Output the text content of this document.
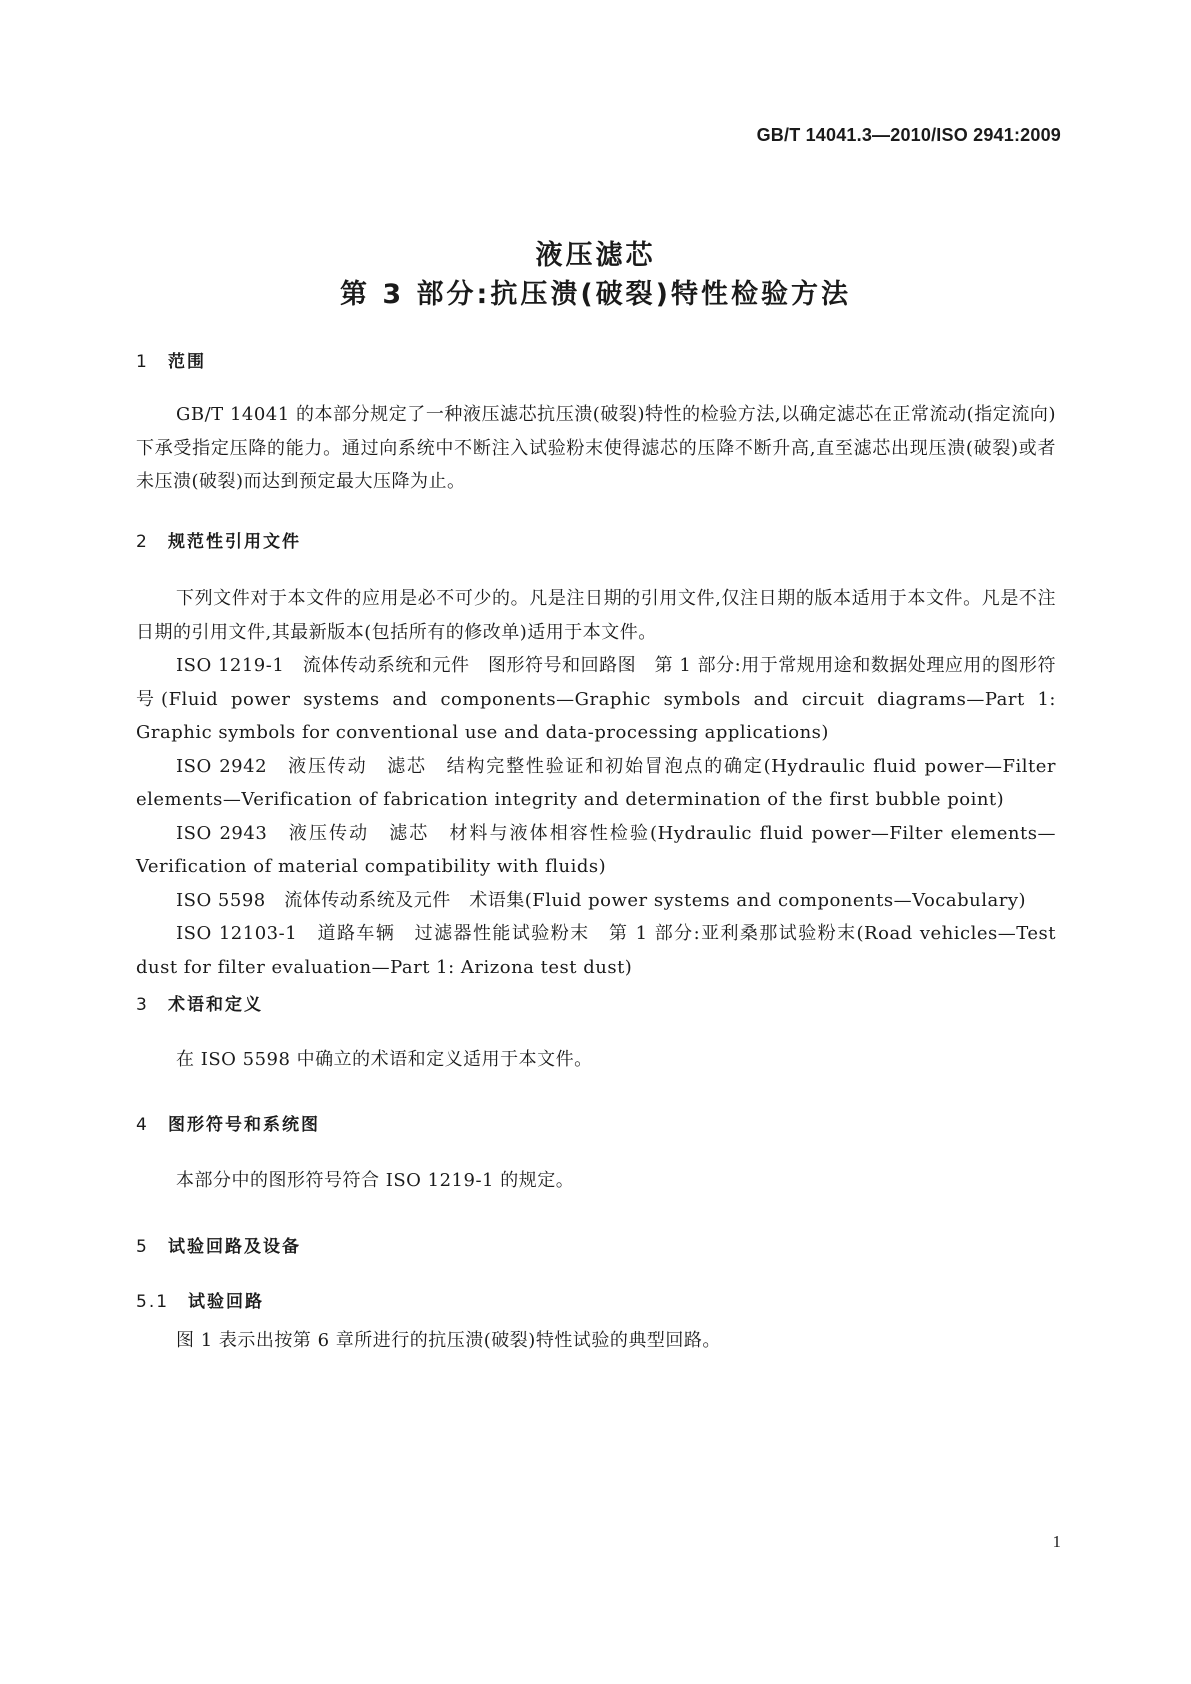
GB/T 14041.3—2010/ISO 2941:2009
液压滤芯
第 3 部分:抗压溃(破裂)特性检验方法
1 范围

GB/T 14041 的本部分规定了一种液压滤芯抗压溃(破裂)特性的检验方法,以确定滤芯在正常流动(指定流向)下承受指定压降的能力。通过向系统中不断注入试验粉末使得滤芯的压降不断升高,直至滤芯出现压溃(破裂)或者未压溃(破裂)而达到预定最大压降为止。

2 规范性引用文件

下列文件对于本文件的应用是必不可少的。凡是注日期的引用文件,仅注日期的版本适用于本文件。凡是不注日期的引用文件,其最新版本(包括所有的修改单)适用于本文件。

ISO 1219-1　流体传动系统和元件　图形符号和回路图　第 1 部分:用于常规用途和数据处理应用的图形符号(Fluid power systems and components—Graphic symbols and circuit diagrams—Part 1: Graphic symbols for conventional use and data-processing applications)

ISO 2942　液压传动　滤芯　结构完整性验证和初始冒泡点的确定(Hydraulic fluid power—Filter elements—Verification of fabrication integrity and determination of the first bubble point)

ISO 2943　液压传动　滤芯　材料与液体相容性检验(Hydraulic fluid power—Filter elements—Verification of material compatibility with fluids)

ISO 5598　流体传动系统及元件　术语集(Fluid power systems and components—Vocabulary)

ISO 12103-1　道路车辆　过滤器性能试验粉末　第 1 部分:亚利桑那试验粉末(Road vehicles—Test dust for filter evaluation—Part 1: Arizona test dust)

3 术语和定义

在 ISO 5598 中确立的术语和定义适用于本文件。

4 图形符号和系统图

本部分中的图形符号符合 ISO 1219-1 的规定。

5 试验回路及设备
5.1 试验回路

图 1 表示出按第 6 章所进行的抗压溃(破裂)特性试验的典型回路。

1
